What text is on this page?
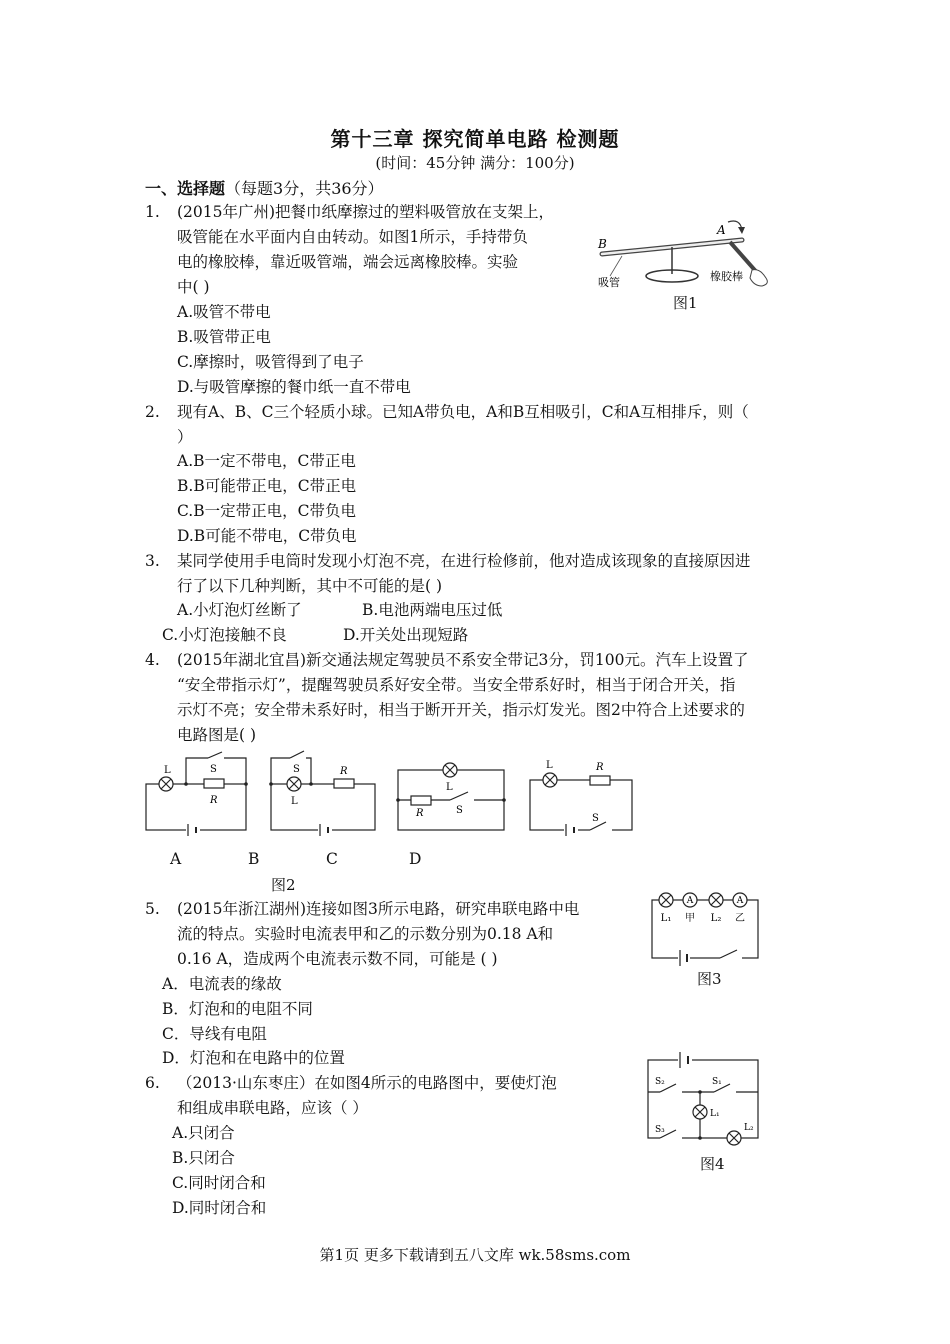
第十三章 探究简单电路 检测题
(时间：45分钟 满分：100分)
一、选择题（每题3分，共36分）
1.	(2015年广州)把餐巾纸摩擦过的塑料吸管放在支架上，
吸管能在水平面内自由转动。如图1所示，手持带负
电的橡胶棒，靠近吸管端，端会远离橡胶棒。实验
中( )
A.吸管不带电
B.吸管带正电
C.摩擦时，吸管得到了电子
D.与吸管摩擦的餐巾纸一直不带电
A
B
吸管	橡胶棒
图1
2.	现有A、B、C三个轻质小球。已知A带负电，A和B互相吸引，C和A互相排斥，则（
）
A.B一定不带电，C带正电
B.B可能带正电，C带正电
C.B一定带正电，C带负电
D.B可能不带电，C带负电
3.	某同学使用手电筒时发现小灯泡不亮，在进行检修前，他对造成该现象的直接原因进
行了以下几种判断，其中不可能的是( )
A.小灯泡灯丝断了	B.电池两端电压过低
C.小灯泡接触不良	D.开关处出现短路
4.	(2015年湖北宜昌)新交通法规定驾驶员不系安全带记3分，罚100元。汽车上设置了
“安全带指示灯”，提醒驾驶员系好安全带。当安全带系好时，相当于闭合开关，指
示灯不亮；安全带未系好时，相当于断开开关，指示灯发光。图2中符合上述要求的
电路图是( )
L	S
R
S
L
R
L
R	S
L	R
S
A	B	C	D
图2
5.	(2015年浙江湖州)连接如图3所示电路，研究串联电路中电
流的特点。实验时电流表甲和乙的示数分别为0.18 A和
0.16 A，造成两个电流表示数不同，可能是 ( )
A．电流表的缘故
B．灯泡和的电阻不同
C．导线有电阻
D．灯泡和在电路中的位置
A	A
L₁ 甲 L₂ 乙
图3
6.	（2013·山东枣庄）在如图4所示的电路图中，要使灯泡
和组成串联电路，应该（ ）
A.只闭合
B.只闭合
C.同时闭合和
D.同时闭合和
S₂	S₁
S₃
L₁
L₂
图4
第1页 更多下载请到五八文库 wk.58sms.com
